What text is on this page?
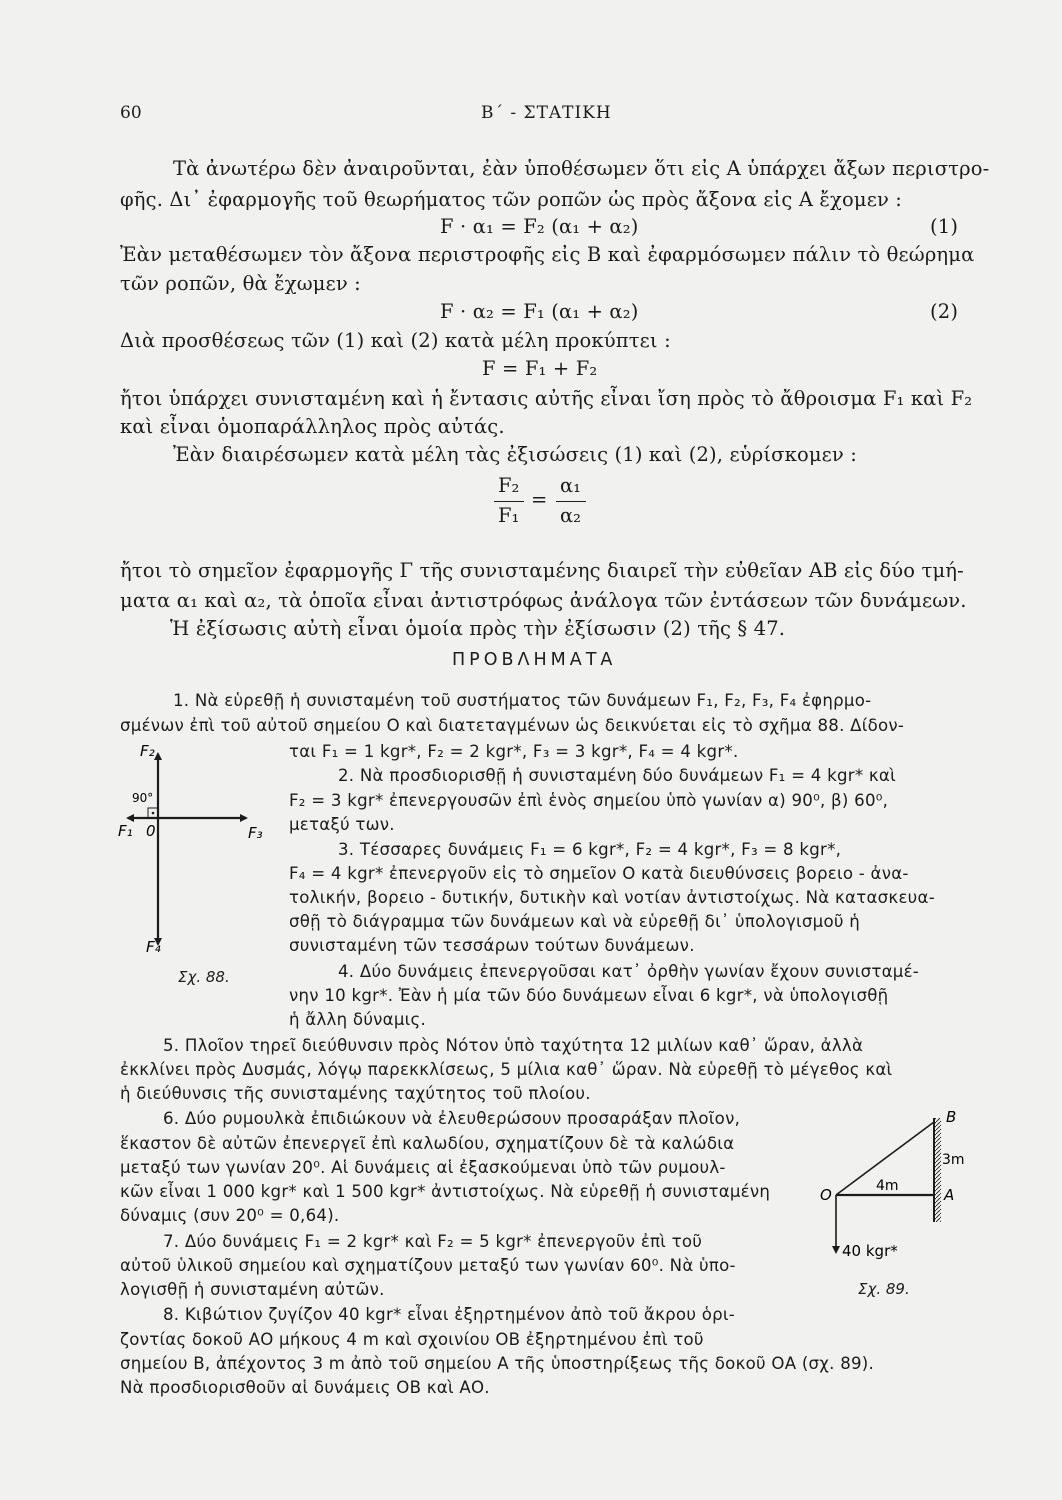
60	Β΄ - ΣΤΑΤΙΚΗ
Τὰ ἀνωτέρω δὲν ἀναιροῦνται, ἐὰν ὑποθέσωμεν ὅτι εἰς Α ὑπάρχει ἄξων περιστρο-
φῆς. Δι᾽ ἐφαρμογῆς τοῦ θεωρήματος τῶν ροπῶν ὡς πρὸς ἄξονα εἰς Α ἔχομεν :
F · α₁ = F₂ (α₁ + α₂)	(1)
Ἐὰν μεταθέσωμεν τὸν ἄξονα περιστροφῆς εἰς Β καὶ ἐφαρμόσωμεν πάλιν τὸ θεώρημα
τῶν ροπῶν, θὰ ἔχωμεν :
F · α₂ = F₁ (α₁ + α₂)	(2)
Διὰ προσθέσεως τῶν (1) καὶ (2) κατὰ μέλη προκύπτει :
F = F₁ + F₂
ἤτοι ὑπάρχει συνισταμένη καὶ ἡ ἔντασις αὐτῆς εἶναι ἴση πρὸς τὸ ἄθροισμα F₁ καὶ F₂
καὶ εἶναι ὁμοπαράλληλος πρὸς αὐτάς.
Ἐὰν διαιρέσωμεν κατὰ μέλη τὰς ἐξισώσεις (1) καὶ (2), εὑρίσκομεν :
F₂
F₁
=
α₁
α₂
ἤτοι τὸ σημεῖον ἐφαρμογῆς Γ τῆς συνισταμένης διαιρεῖ τὴν εὐθεῖαν ΑΒ εἰς δύο τμή-
ματα α₁ καὶ α₂, τὰ ὁποῖα εἶναι ἀντιστρόφως ἀνάλογα τῶν ἐντάσεων τῶν δυνάμεων.
Ἡ ἐξίσωσις αὐτὴ εἶναι ὁμοία πρὸς τὴν ἐξίσωσιν (2) τῆς § 47.
ΠΡΟΒΛΗΜΑΤΑ
1. Νὰ εὑρεθῇ ἡ συνισταμένη τοῦ συστήματος τῶν δυνάμεων F₁, F₂, F₃, F₄ ἐφηρμο-
σμένων ἐπὶ τοῦ αὐτοῦ σημείου Ο καὶ διατεταγμένων ὡς δεικνύεται εἰς τὸ σχῆμα 88. Δίδον-
ται F₁ = 1 kgr*, F₂ = 2 kgr*, F₃ = 3 kgr*, F₄ = 4 kgr*.
2. Νὰ προσδιορισθῇ ἡ συνισταμένη δύο δυνάμεων F₁ = 4 kgr* καὶ
F₂ = 3 kgr* ἐπενεργουσῶν ἐπὶ ἑνὸς σημείου ὑπὸ γωνίαν α) 90⁰, β) 60⁰,
μεταξύ των.
3. Τέσσαρες δυνάμεις F₁ = 6 kgr*, F₂ = 4 kgr*, F₃ = 8 kgr*,
F₄ = 4 kgr* ἐπενεργοῦν εἰς τὸ σημεῖον Ο κατὰ διευθύνσεις βορειο - ἀνα-
τολικήν, βορειο - δυτικήν, δυτικὴν καὶ νοτίαν ἀντιστοίχως. Νὰ κατασκευα-
σθῇ τὸ διάγραμμα τῶν δυνάμεων καὶ νὰ εὑρεθῇ δι᾽ ὑπολογισμοῦ ἡ
συνισταμένη τῶν τεσσάρων τούτων δυνάμεων.
4. Δύο δυνάμεις ἐπενεργοῦσαι κατ᾽ ὀρθὴν γωνίαν ἔχουν συνισταμέ-
νην 10 kgr*. Ἐὰν ἡ μία τῶν δύο δυνάμεων εἶναι 6 kgr*, νὰ ὑπολογισθῇ
ἡ ἄλλη δύναμις.
5. Πλοῖον τηρεῖ διεύθυνσιν πρὸς Νότον ὑπὸ ταχύτητα 12 μιλίων καθ᾽ ὥραν, ἀλλὰ
ἐκκλίνει πρὸς Δυσμάς, λόγῳ παρεκκλίσεως, 5 μίλια καθ᾽ ὥραν. Νὰ εὑρεθῇ τὸ μέγεθος καὶ
ἡ διεύθυνσις τῆς συνισταμένης ταχύτητος τοῦ πλοίου.
6. Δύο ρυμουλκὰ ἐπιδιώκουν νὰ ἐλευθερώσουν προσαράξαν πλοῖον,
ἕκαστον δὲ αὐτῶν ἐπενεργεῖ ἐπὶ καλωδίου, σχηματίζουν δὲ τὰ καλώδια
μεταξύ των γωνίαν 20⁰. Αἱ δυνάμεις αἱ ἐξασκούμεναι ὑπὸ τῶν ρυμουλ-
κῶν εἶναι 1 000 kgr* καὶ 1 500 kgr* ἀντιστοίχως. Νὰ εὑρεθῇ ἡ συνισταμένη
δύναμις (συν 20⁰ = 0,64).
7. Δύο δυνάμεις F₁ = 2 kgr* καὶ F₂ = 5 kgr* ἐπενεργοῦν ἐπὶ τοῦ
αὐτοῦ ὑλικοῦ σημείου καὶ σχηματίζουν μεταξύ των γωνίαν 60⁰. Νὰ ὑπο-
λογισθῇ ἡ συνισταμένη αὐτῶν.
8. Κιβώτιον ζυγίζον 40 kgr* εἶναι ἐξηρτημένον ἀπὸ τοῦ ἄκρου ὁρι-
ζοντίας δοκοῦ ΑΟ μήκους 4 m καὶ σχοινίου ΟΒ ἐξηρτημένου ἐπὶ τοῦ
σημείου Β, ἀπέχοντος 3 m ἀπὸ τοῦ σημείου Α τῆς ὑποστηρίξεως τῆς δοκοῦ ΟΑ (σχ. 89).
Νὰ προσδιορισθοῦν αἱ δυνάμεις ΟΒ καὶ ΑΟ.
F₂
90°
F₁ 0	F₃
F₄
Σχ. 88.
B
3m
4m
O	A
40 kgr*
Σχ. 89.
